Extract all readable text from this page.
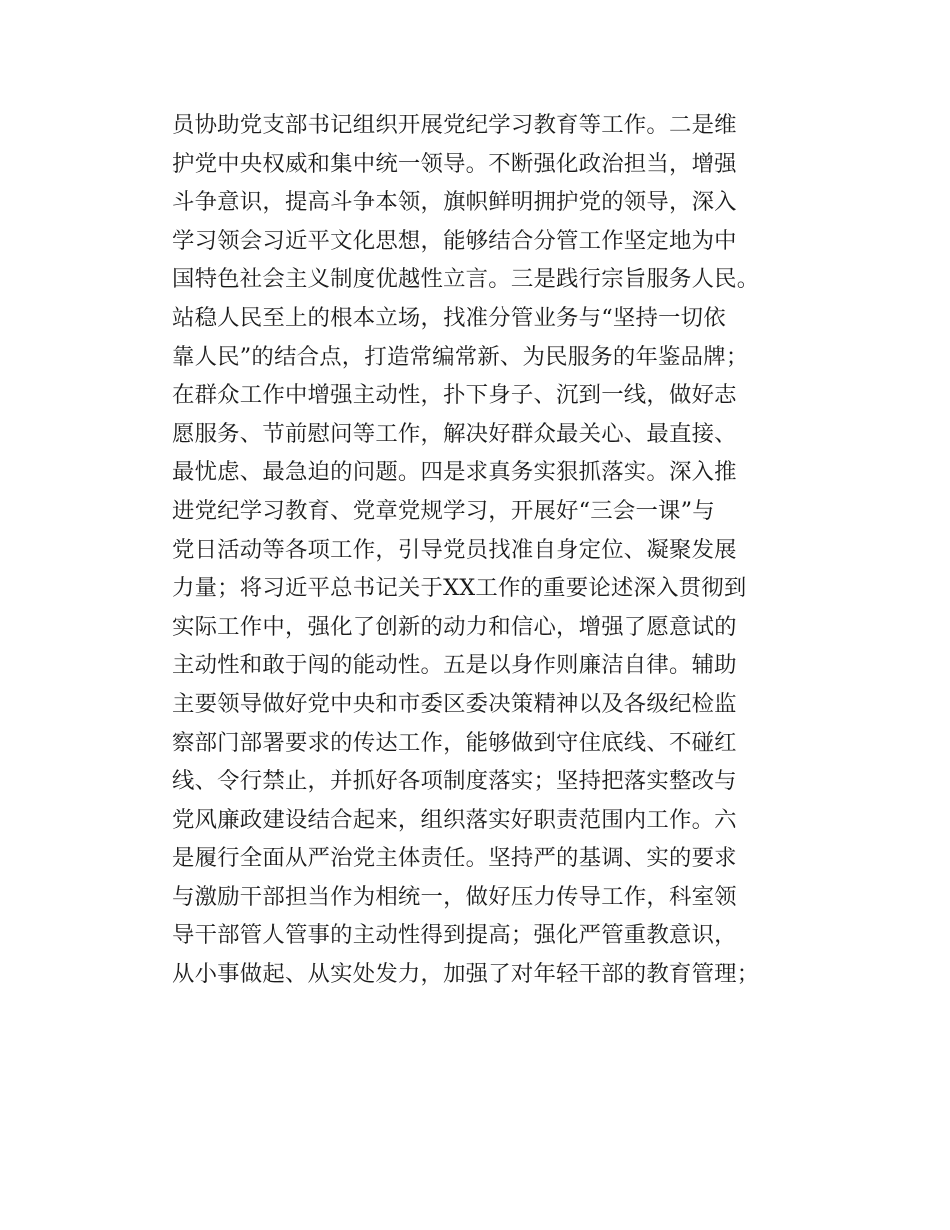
员协助党支部书记组织开展党纪学习教育等工作。二是维
护党中央权威和集中统一领导。不断强化政治担当，增强
斗争意识，提高斗争本领，旗帜鲜明拥护党的领导，深入
学习领会习近平文化思想，能够结合分管工作坚定地为中
国特色社会主义制度优越性立言。三是践行宗旨服务人民。
站稳人民至上的根本立场，找准分管业务与“坚持一切依
靠人民”的结合点，打造常编常新、为民服务的年鉴品牌；
在群众工作中增强主动性，扑下身子、沉到一线，做好志
愿服务、节前慰问等工作，解决好群众最关心、最直接、
最忧虑、最急迫的问题。四是求真务实狠抓落实。深入推
进党纪学习教育、党章党规学习，开展好“三会一课”与
党日活动等各项工作，引导党员找准自身定位、凝聚发展
力量；将习近平总书记关于XX工作的重要论述深入贯彻到
实际工作中，强化了创新的动力和信心，增强了愿意试的
主动性和敢于闯的能动性。五是以身作则廉洁自律。辅助
主要领导做好党中央和市委区委决策精神以及各级纪检监
察部门部署要求的传达工作，能够做到守住底线、不碰红
线、令行禁止，并抓好各项制度落实；坚持把落实整改与
党风廉政建设结合起来，组织落实好职责范围内工作。六
是履行全面从严治党主体责任。坚持严的基调、实的要求
与激励干部担当作为相统一，做好压力传导工作，科室领
导干部管人管事的主动性得到提高；强化严管重教意识，
从小事做起、从实处发力，加强了对年轻干部的教育管理；
